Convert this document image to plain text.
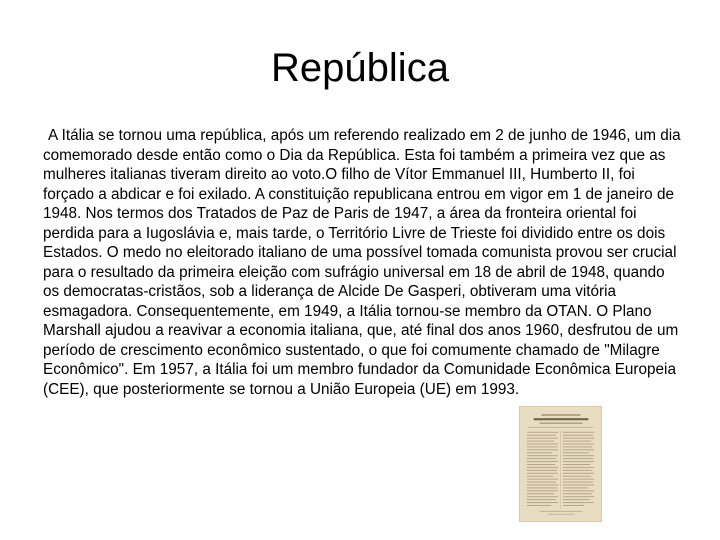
República

A Itália se tornou uma república, após um referendo realizado em 2 de junho de 1946, um dia comemorado desde então como o Dia da República. Esta foi também a primeira vez que as mulheres italianas tiveram direito ao voto.O filho de Vítor Emmanuel III, Humberto II, foi forçado a abdicar e foi exilado. A constituição republicana entrou em vigor em 1 de janeiro de 1948. Nos termos dos Tratados de Paz de Paris de 1947, a área da fronteira oriental foi perdida para a Iugoslávia e, mais tarde, o Território Livre de Trieste foi dividido entre os dois Estados. O medo no eleitorado italiano de uma possível tomada comunista provou ser crucial para o resultado da primeira eleição com sufrágio universal em 18 de abril de 1948, quando os democratas-cristãos, sob a liderança de Alcide De Gasperi, obtiveram uma vitória esmagadora. Consequentemente, em 1949, a Itália tornou-se membro da OTAN. O Plano Marshall ajudou a reavivar a economia italiana, que, até final dos anos 1960, desfrutou de um período de crescimento econômico sustentado, o que foi comumente chamado de "Milagre Econômico". Em 1957, a Itália foi um membro fundador da Comunidade Econômica Europeia (CEE), que posteriormente se tornou a União Europeia (UE) em 1993.
